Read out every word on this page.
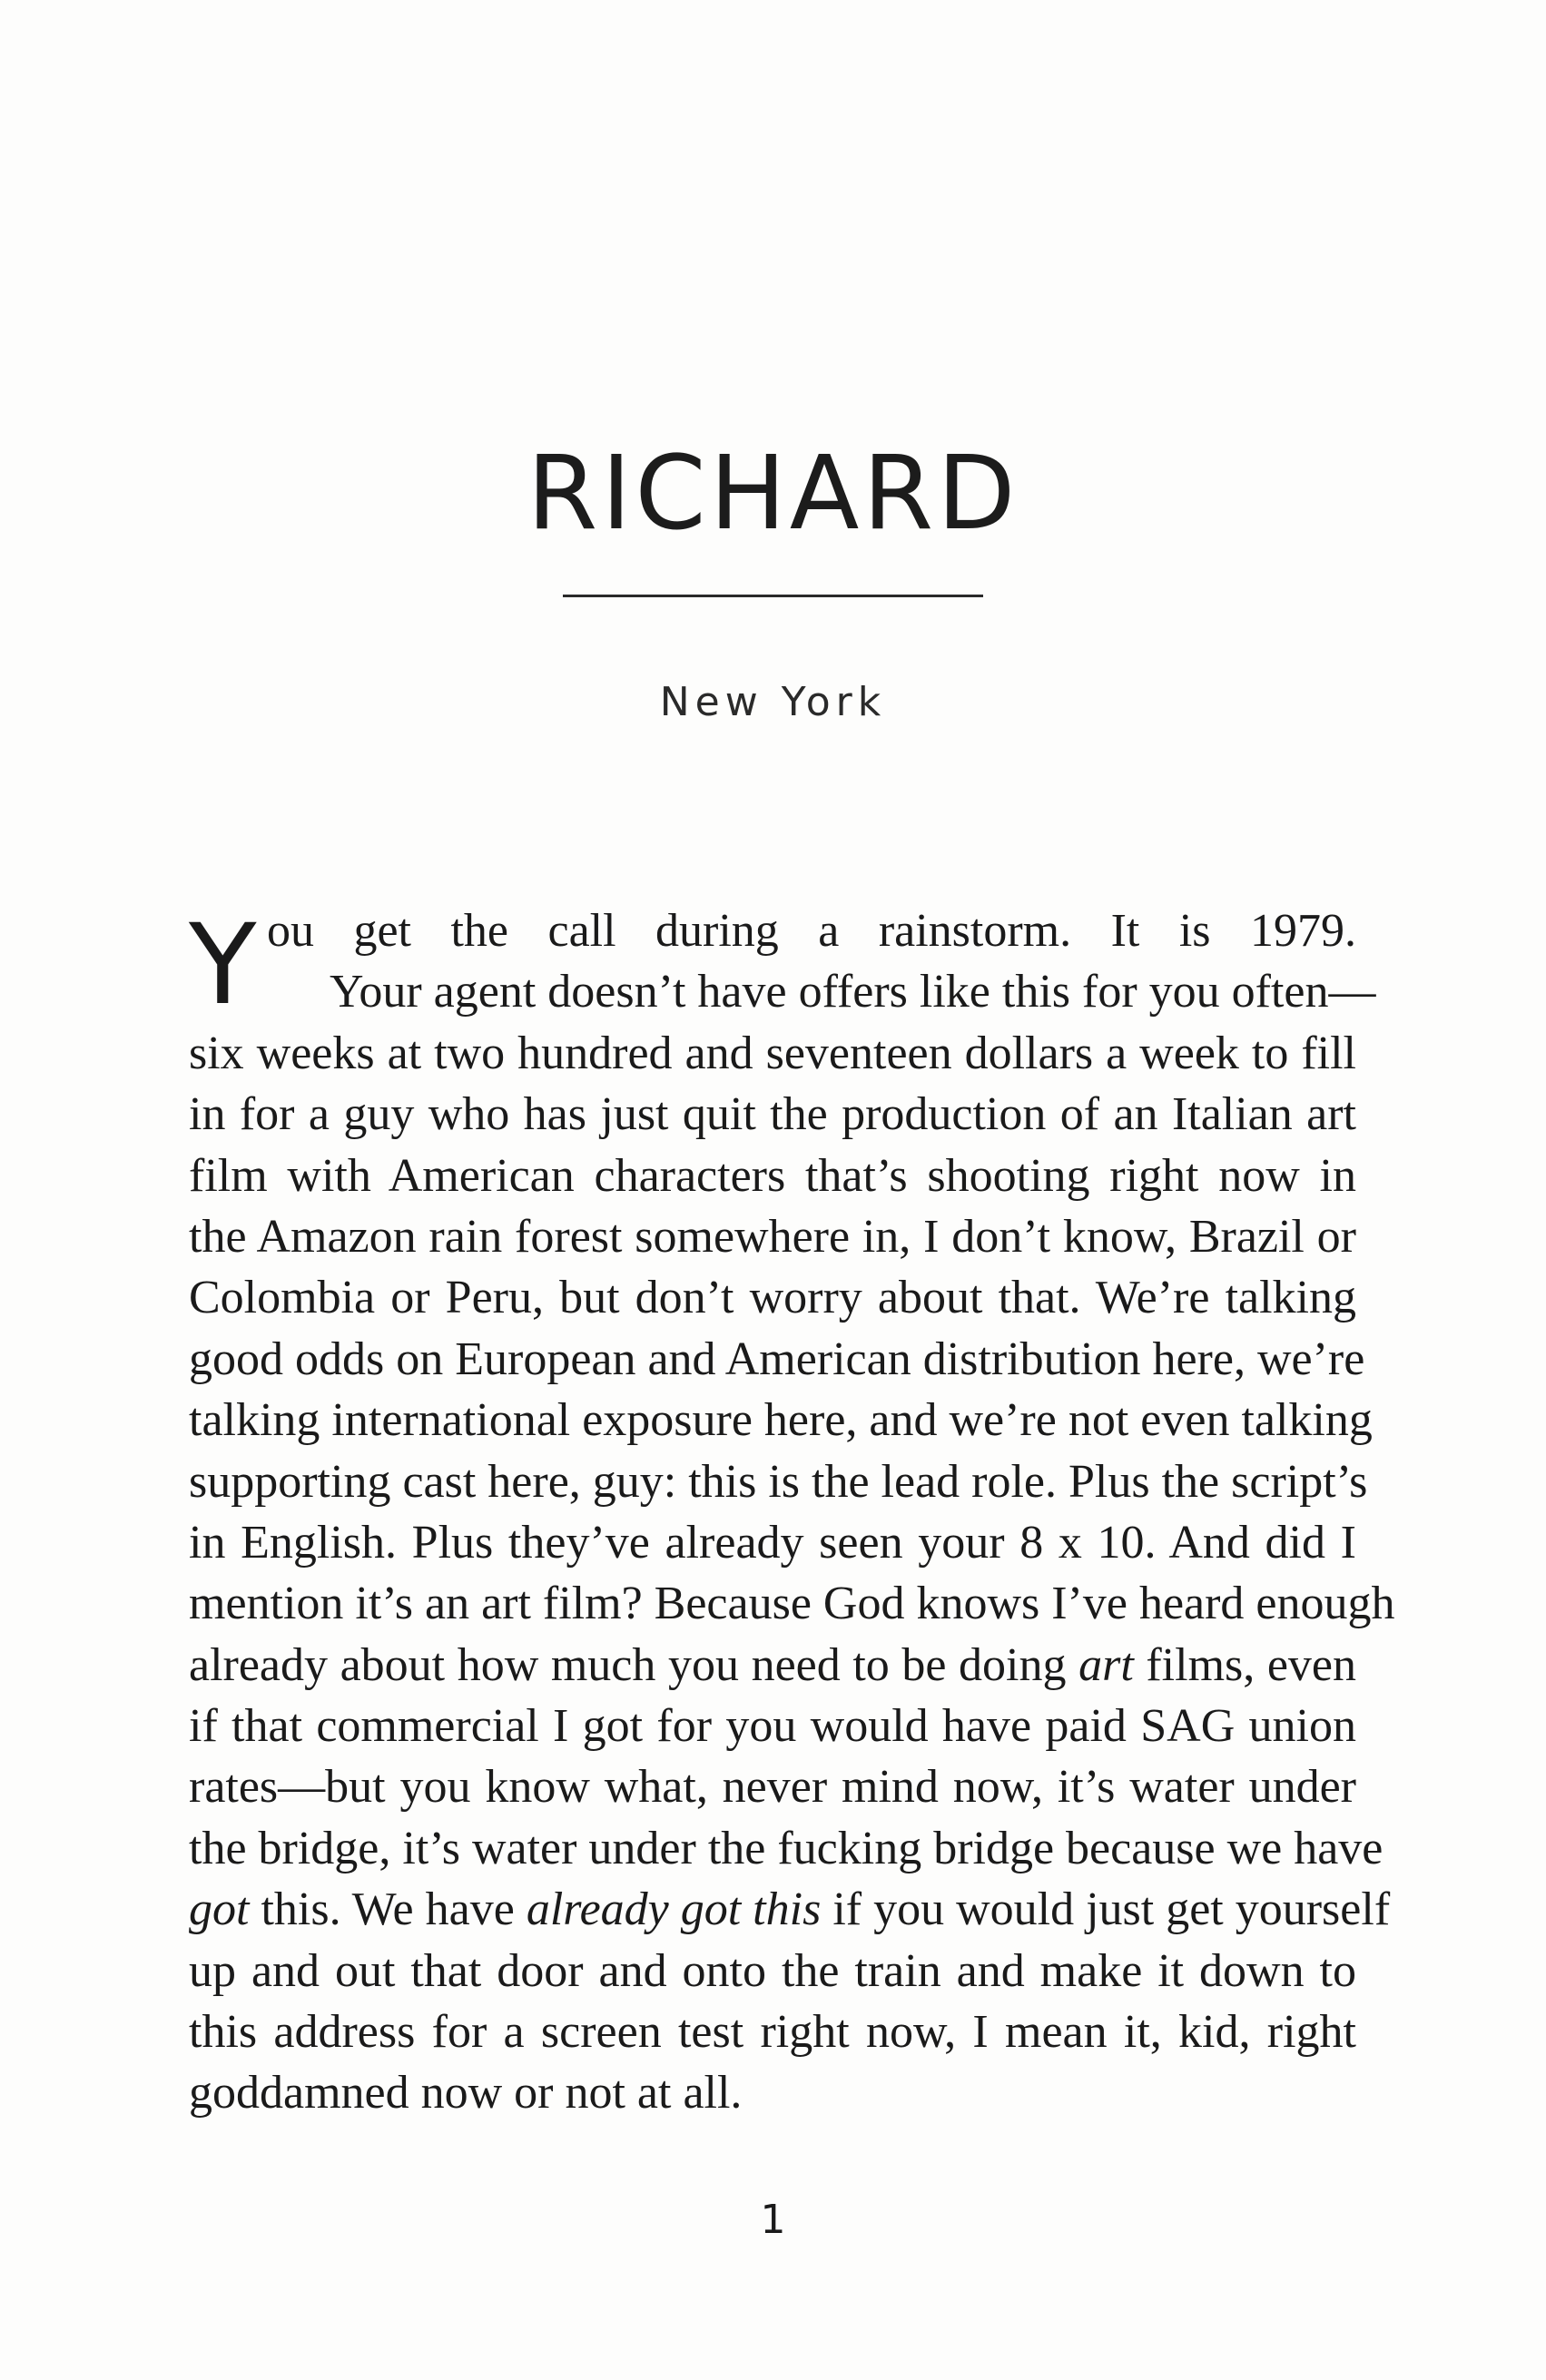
RICHARD
New York
Y ou get the call during a rainstorm. It is 1979.
Your agent doesn’t have offers like this for you often—
six weeks at two hundred and seventeen dollars a week to fill
in for a guy who has just quit the production of an Italian art
film with American characters that’s shooting right now in
the Amazon rain forest somewhere in, I don’t know, Brazil or
Colombia or Peru, but don’t worry about that. We’re talking
good odds on European and American distribution here, we’re
talking international exposure here, and we’re not even talking
supporting cast here, guy: this is the lead role. Plus the script’s
in English. Plus they’ve already seen your 8 x 10. And did I
mention it’s an art film? Because God knows I’ve heard enough
already about how much you need to be doing art films, even
if that commercial I got for you would have paid SAG union
rates—but you know what, never mind now, it’s water under
the bridge, it’s water under the fucking bridge because we have
got this. We have already got this if you would just get yourself
up and out that door and onto the train and make it down to
this address for a screen test right now, I mean it, kid, right
goddamned now or not at all.
1
